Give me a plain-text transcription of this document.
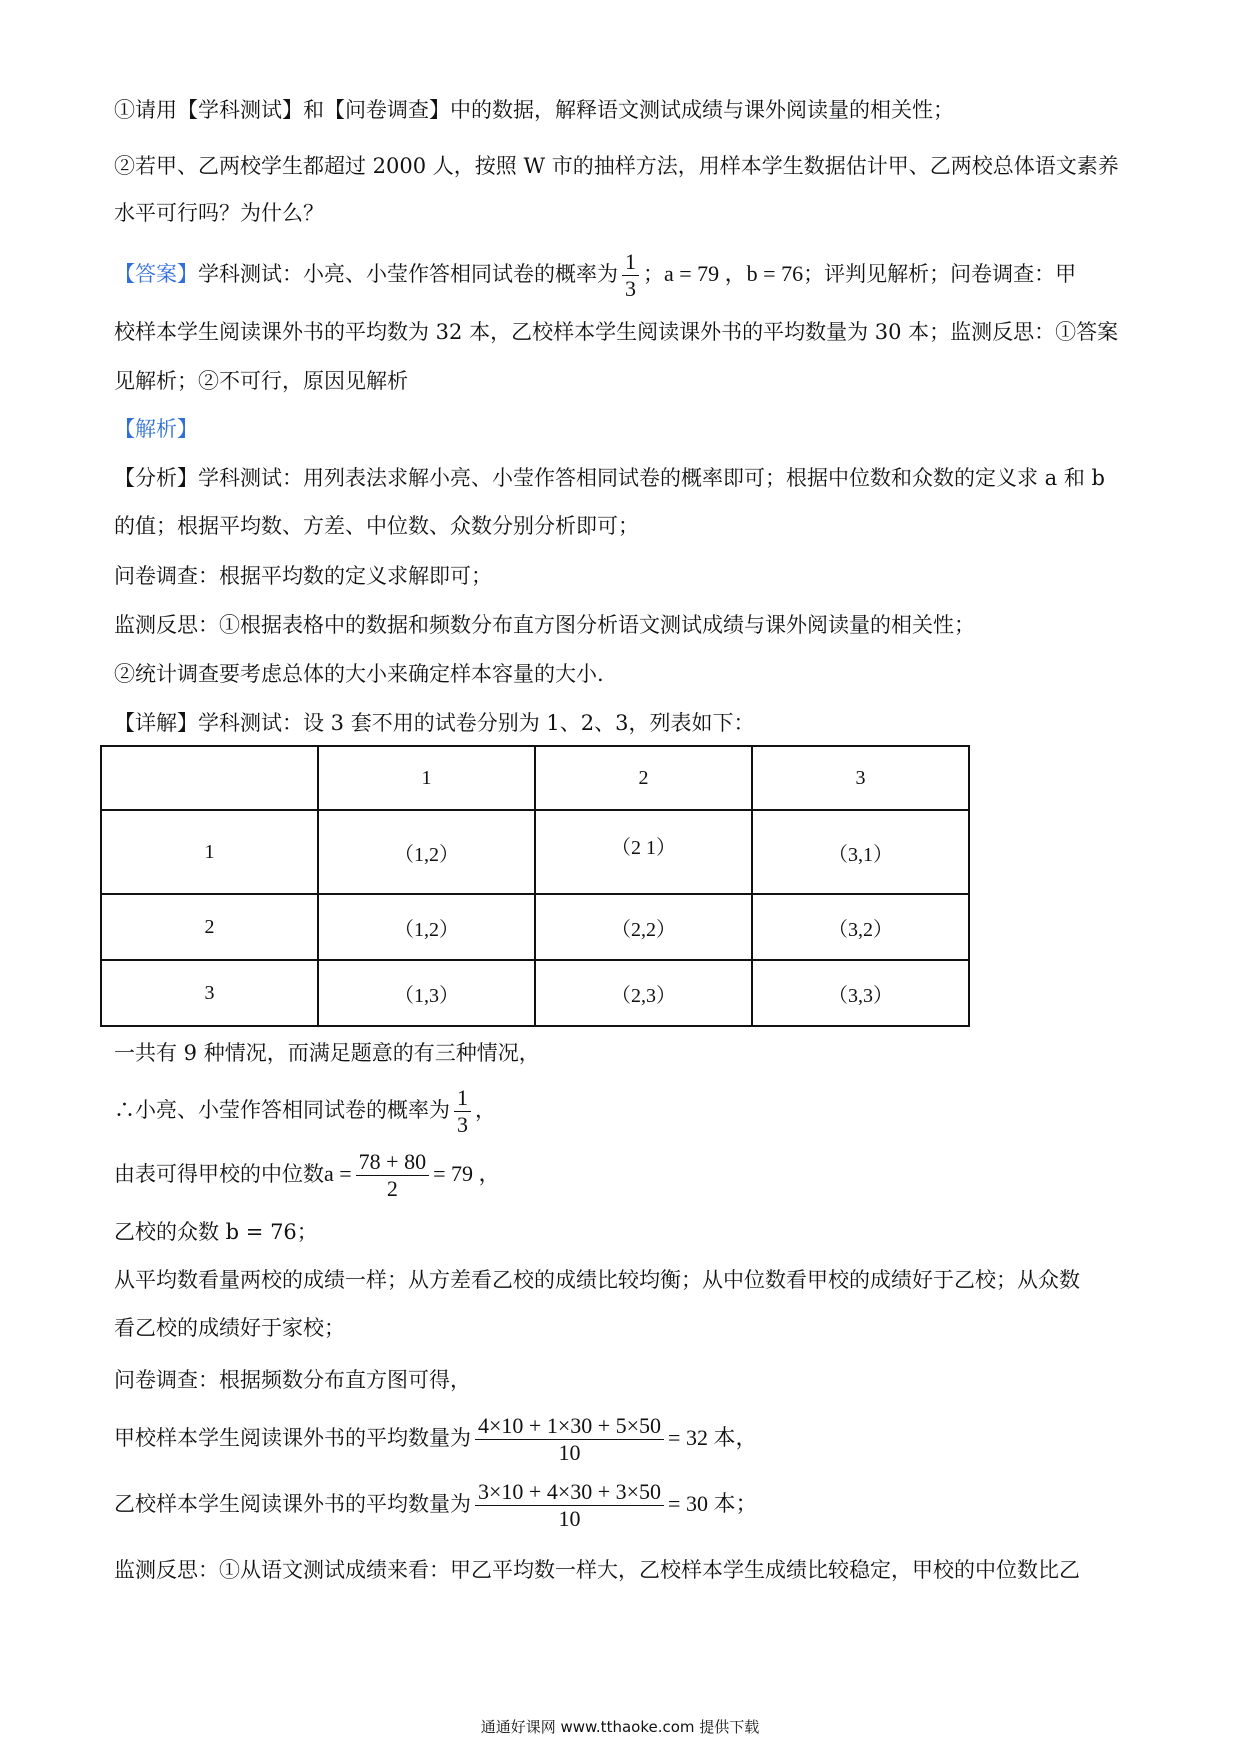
①请用【学科测试】和【问卷调查】中的数据，解释语文测试成绩与课外阅读量的相关性；
②若甲、乙两校学生都超过 2000 人，按照 W 市的抽样方法，用样本学生数据估计甲、乙两校总体语文素养
水平可行吗？为什么？
【答案】学科测试：小亮、小莹作答相同试卷的概率为 $\frac{1}{3}$ ；a = 79 ，b = 76；评判见解析；问卷调查：甲
校样本学生阅读课外书的平均数为 32 本，乙校样本学生阅读课外书的平均数量为 30 本；监测反思：①答案
见解析；②不可行，原因见解析
【解析】
【分析】学科测试：用列表法求解小亮、小莹作答相同试卷的概率即可；根据中位数和众数的定义求 a 和 b
的值；根据平均数、方差、中位数、众数分别分析即可；
问卷调查：根据平均数的定义求解即可；
监测反思：①根据表格中的数据和频数分布直方图分析语文测试成绩与课外阅读量的相关性；
②统计调查要考虑总体的大小来确定样本容量的大小.
【详解】学科测试：设 3 套不用的试卷分别为 1、2、3，列表如下：
	1	2	3
1	（1,2）	（2 1）	（3,1）
2	（1,2）	（2,2）	（3,2）
3	（1,3）	（2,3）	（3,3）
一共有 9 种情况，而满足题意的有三种情况，
∴小亮、小莹作答相同试卷的概率为 $\frac{1}{3}$ ，
由表可得甲校的中位数$a = \frac{78 + 80}{2} = 79$ ，
乙校的众数 b = 76；
从平均数看量两校的成绩一样；从方差看乙校的成绩比较均衡；从中位数看甲校的成绩好于乙校；从众数
看乙校的成绩好于家校；
问卷调查：根据频数分布直方图可得，
甲校样本学生阅读课外书的平均数量为 $\frac{4\times 10 + 1\times 30 + 5\times 50}{10} = 32$ 本，
乙校样本学生阅读课外书的平均数量为 $\frac{3\times 10 + 4\times 30 + 3\times 50}{10} = 30$ 本；
监测反思：①从语文测试成绩来看：甲乙平均数一样大，乙校样本学生成绩比较稳定，甲校的中位数比乙
通通好课网 www.tthaoke.com 提供下载
